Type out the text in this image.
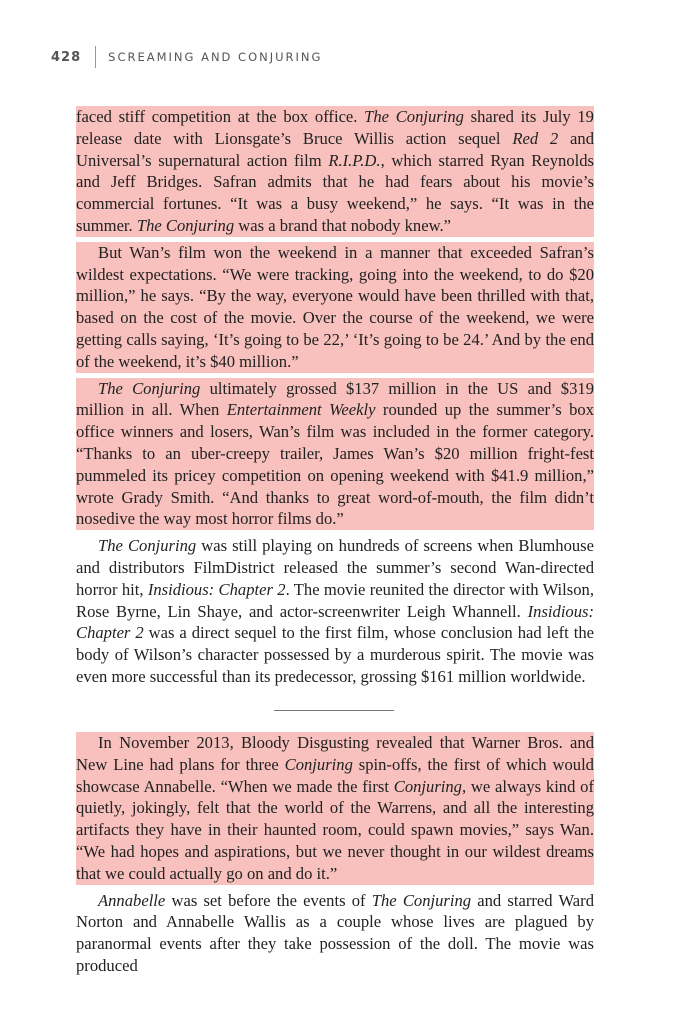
428 SCREAMING AND CONJURING

faced stiff competition at the box office. The Conjuring shared its July 19 release date with Lionsgate’s Bruce Willis action sequel Red 2 and Universal’s supernatural action film R.I.P.D., which starred Ryan Reynolds and Jeff Bridges. Safran admits that he had fears about his movie’s commercial fortunes. “It was a busy weekend,” he says. “It was in the summer. The Conjuring was a brand that nobody knew.”

But Wan’s film won the weekend in a manner that exceeded Safran’s wildest expectations. “We were tracking, going into the weekend, to do $20 million,” he says. “By the way, everyone would have been thrilled with that, based on the cost of the movie. Over the course of the weekend, we were getting calls saying, ‘It’s going to be 22,’ ‘It’s going to be 24.’ And by the end of the weekend, it’s $40 million.”

The Conjuring ultimately grossed $137 million in the US and $319 million in all. When Entertainment Weekly rounded up the summer’s box office winners and losers, Wan’s film was included in the former category. “Thanks to an uber-creepy trailer, James Wan’s $20 million fright-fest pummeled its pricey competition on opening weekend with $41.9 million,” wrote Grady Smith. “And thanks to great word-of-mouth, the film didn’t nosedive the way most horror films do.”

The Conjuring was still playing on hundreds of screens when Blumhouse and distributors FilmDistrict released the summer’s second Wan-directed horror hit, Insidious: Chapter 2. The movie reunited the director with Wilson, Rose Byrne, Lin Shaye, and actor-screenwriter Leigh Whannell. Insidious: Chapter 2 was a direct sequel to the first film, whose conclusion had left the body of Wilson’s character possessed by a murderous spirit. The movie was even more successful than its predecessor, grossing $161 million worldwide.

In November 2013, Bloody Disgusting revealed that Warner Bros. and New Line had plans for three Conjuring spin-offs, the first of which would showcase Annabelle. “When we made the first Conjuring, we always kind of quietly, jokingly, felt that the world of the Warrens, and all the interesting artifacts they have in their haunted room, could spawn movies,” says Wan. “We had hopes and aspirations, but we never thought in our wildest dreams that we could actually go on and do it.”

Annabelle was set before the events of The Conjuring and starred Ward Norton and Annabelle Wallis as a couple whose lives are plagued by paranormal events after they take possession of the doll. The movie was produced
